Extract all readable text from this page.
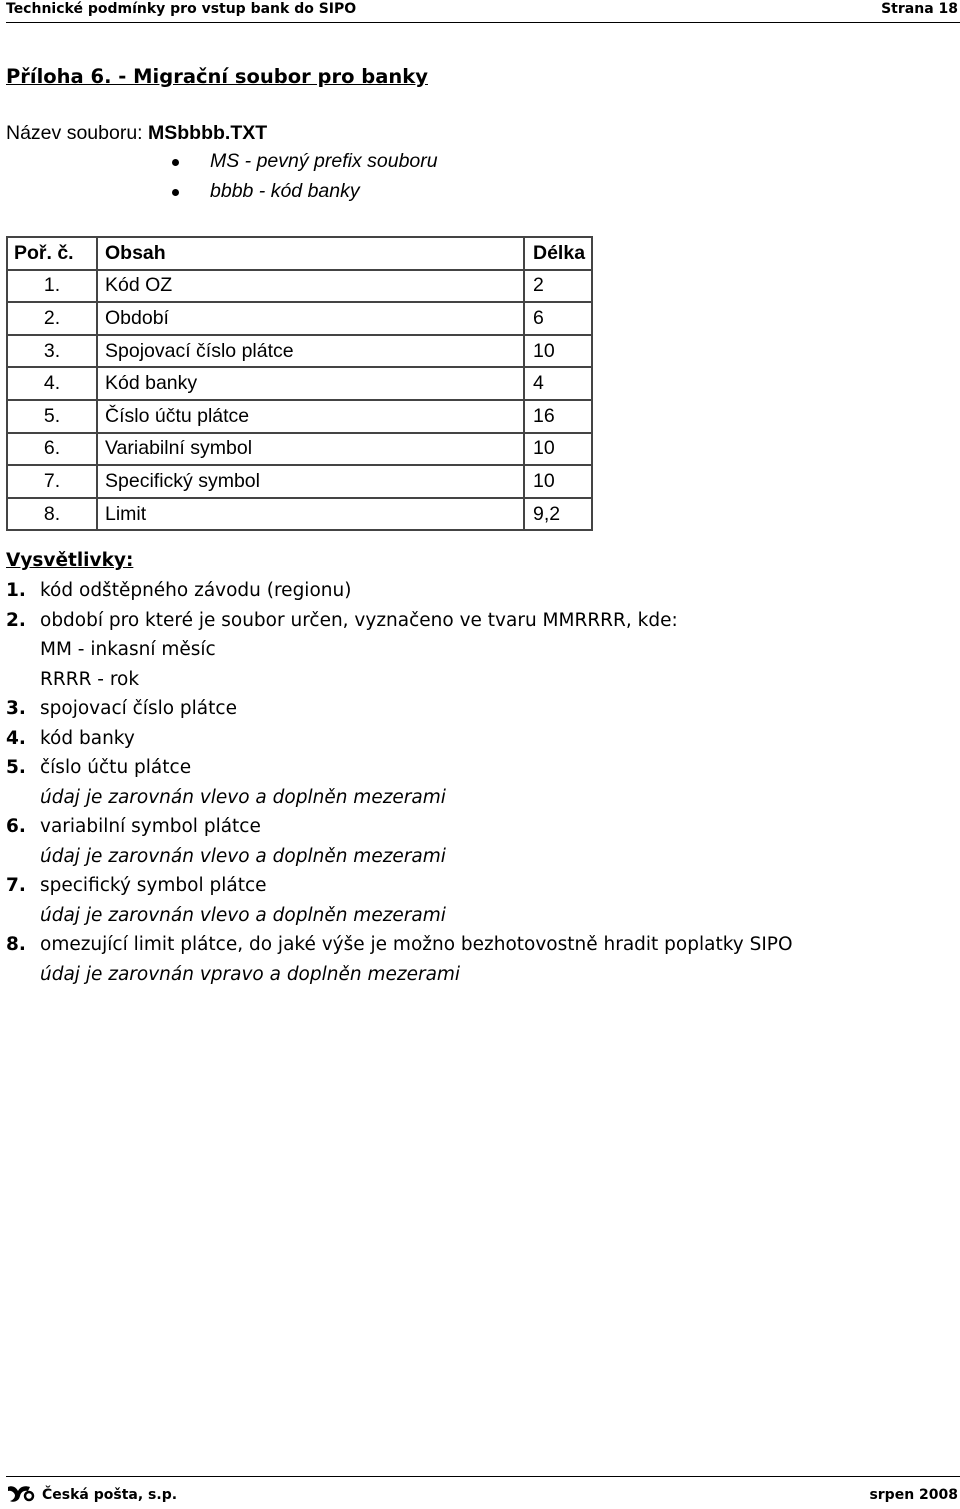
Technické podmínky pro vstup bank do SIPO	Strana 18
Příloha 6. - Migrační soubor pro banky
Název souboru: MSbbbb.TXT
MS - pevný prefix souboru
bbbb - kód banky
Poř. č.	Obsah	Délka
1.	Kód OZ	2
2.	Období	6
3.	Spojovací číslo plátce	10
4.	Kód banky	4
5.	Číslo účtu plátce	16
6.	Variabilní symbol	10
7.	Specifický symbol	10
8.	Limit	9,2
Vysvětlivky:
1. kód odštěpného závodu (regionu)
2. období pro které je soubor určen, vyznačeno ve tvaru MMRRRR, kde:
MM - inkasní měsíc
RRRR - rok
3. spojovací číslo plátce
4. kód banky
5. číslo účtu plátce
údaj je zarovnán vlevo a doplněn mezerami
6. variabilní symbol plátce
údaj je zarovnán vlevo a doplněn mezerami
7. specifický symbol plátce
údaj je zarovnán vlevo a doplněn mezerami
8. omezující limit plátce, do jaké výše je možno bezhotovostně hradit poplatky SIPO
údaj je zarovnán vpravo a doplněn mezerami
Česká pošta, s.p.	srpen 2008
